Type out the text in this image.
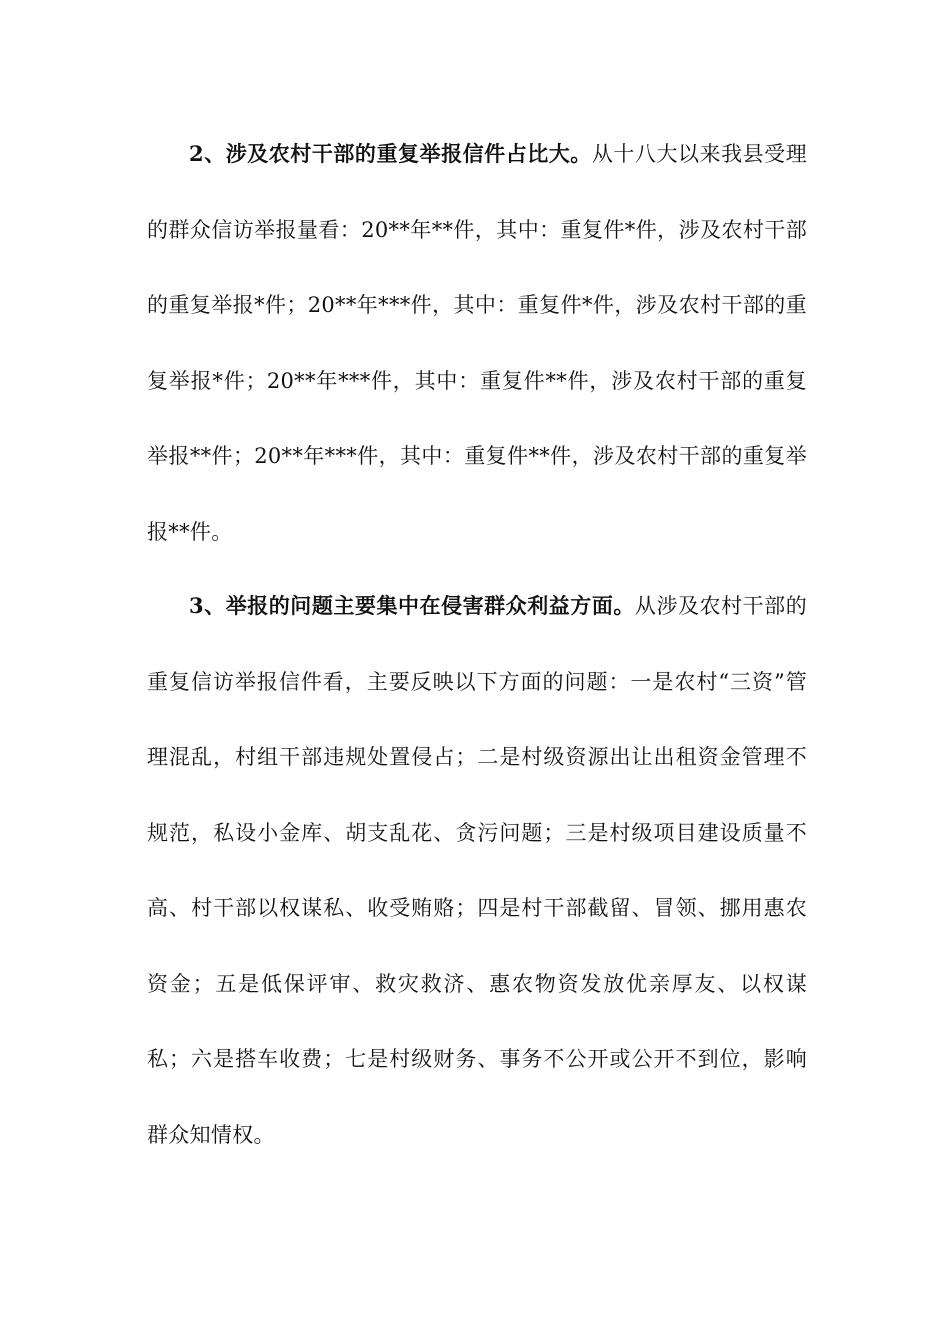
2、涉及农村干部的重复举报信件占比大。从十八大以来我县受理的群众信访举报量看：20**年**件，其中：重复件*件，涉及农村干部的重复举报*件；20**年***件，其中：重复件*件，涉及农村干部的重复举报*件；20**年***件，其中：重复件**件，涉及农村干部的重复举报**件；20**年***件，其中：重复件**件，涉及农村干部的重复举报**件。

3、举报的问题主要集中在侵害群众利益方面。从涉及农村干部的重复信访举报信件看，主要反映以下方面的问题：一是农村“三资”管理混乱，村组干部违规处置侵占；二是村级资源出让出租资金管理不规范，私设小金库、胡支乱花、贪污问题；三是村级项目建设质量不高、村干部以权谋私、收受贿赂；四是村干部截留、冒领、挪用惠农资金；五是低保评审、救灾救济、惠农物资发放优亲厚友、以权谋私；六是搭车收费；七是村级财务、事务不公开或公开不到位，影响群众知情权。
